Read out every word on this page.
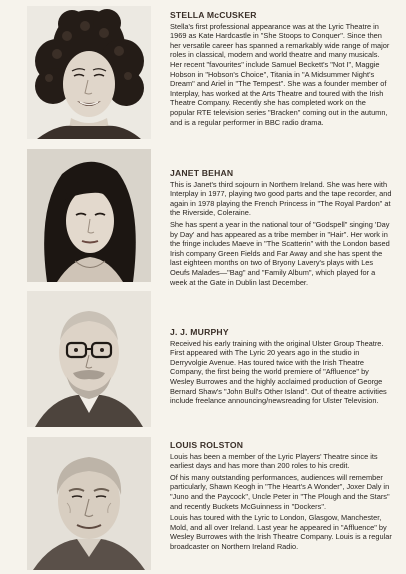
STELLA McCUSKER

Stella's first professional appearance was at the Lyric Theatre in 1969 as Kate Hardcastle in "She Stoops to Conquer". Since then her versatile career has spanned a remarkably wide range of major roles in classical, modern and world theatre and many musicals. Her recent "favourites" include Samuel Beckett's "Not I", Maggie Hobson in "Hobson's Choice", Titania in "A Midsummer Night's Dream" and Ariel in "The Tempest". She was a founder member of Interplay, has worked at the Arts Theatre and toured with the Irish Theatre Company. Recently she has completed work on the popular RTE television series "Bracken" coming out in the autumn, and is a regular performer in BBC radio drama.

JANET BEHAN

This is Janet's third sojourn in Northern Ireland. She was here with Interplay in 1977, playing two good parts and the tape recorder, and again in 1978 playing the French Princess in "The Royal Pardon" at the Riverside, Coleraine.

She has spent a year in the national tour of "Godspell" singing 'Day by Day' and has appeared as a tribe member in "Hair". Her work in the fringe includes Maeve in "The Scatterin" with the London based Irish company Green Fields and Far Away and she has spent the last eighteen months on two of Bryony Lavery's plays with Les Oeufs Malades—"Bag" and "Family Album", which played for a week at the Gate in Dublin last December.

J. J. MURPHY

Received his early training with the original Ulster Group Theatre. First appeared with The Lyric 20 years ago in the studio in Derryvolgie Avenue. Has toured twice with the Irish Theatre Company, the first being the world premiere of "Affluence" by Wesley Burrowes and the highly acclaimed production of George Bernard Shaw's "John Bull's Other Island". Out of theatre activities include freelance announcing/newsreading for Ulster Television.

LOUIS ROLSTON

Louis has been a member of the Lyric Players' Theatre since its earliest days and has more than 200 roles to his credit.

Of his many outstanding performances, audiences will remember particularly, Shawn Keogh in "The Heart's A Wonder", Joxer Daly in "Juno and the Paycock", Uncle Peter in "The Plough and the Stars" and recently Buckets McGuinness in "Dockers".

Louis has toured with the Lyric to London, Glasgow, Manchester, Mold, and all over Ireland. Last year he appeared in "Affluence" by Wesley Burrowes with the Irish Theatre Company. Louis is a regular broadcaster on Northern Ireland Radio.
